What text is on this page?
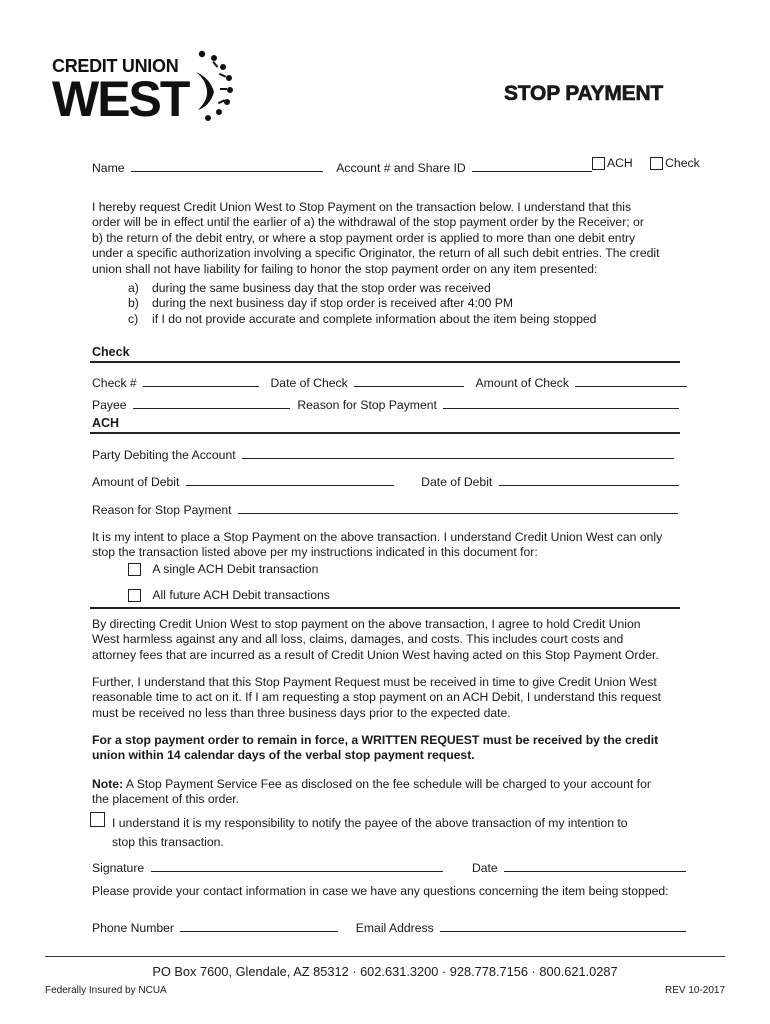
CREDIT UNION
WEST	STOP PAYMENT
Name	Account # and Share ID	ACH	Check
I hereby request Credit Union West to Stop Payment on the transaction below. I understand that this
order will be in effect until the earlier of a) the withdrawal of the stop payment order by the Receiver; or
b) the return of the debit entry, or where a stop payment order is applied to more than one debit entry
under a specific authorization involving a specific Originator, the return of all such debit entries. The credit
union shall not have liability for failing to honor the stop payment order on any item presented:
a) during the same business day that the stop order was received
b) during the next business day if stop order is received after 4:00 PM
c) if I do not provide accurate and complete information about the item being stopped
Check
Check #	Date of Check	Amount of Check
Payee	Reason for Stop Payment
ACH
Party Debiting the Account
Amount of Debit	Date of Debit
Reason for Stop Payment
It is my intent to place a Stop Payment on the above transaction. I understand Credit Union West can only
stop the transaction listed above per my instructions indicated in this document for:
A single ACH Debit transaction
All future ACH Debit transactions
By directing Credit Union West to stop payment on the above transaction, I agree to hold Credit Union
West harmless against any and all loss, claims, damages, and costs. This includes court costs and
attorney fees that are incurred as a result of Credit Union West having acted on this Stop Payment Order.
Further, I understand that this Stop Payment Request must be received in time to give Credit Union West
reasonable time to act on it. If I am requesting a stop payment on an ACH Debit, I understand this request
must be received no less than three business days prior to the expected date.
For a stop payment order to remain in force, a WRITTEN REQUEST must be received by the credit
union within 14 calendar days of the verbal stop payment request.
Note: A Stop Payment Service Fee as disclosed on the fee schedule will be charged to your account for
the placement of this order.
I understand it is my responsibility to notify the payee of the above transaction of my intention to
stop this transaction.
Signature	Date
Please provide your contact information in case we have any questions concerning the item being stopped:
Phone Number	Email Address
PO Box 7600, Glendale, AZ 85312 · 602.631.3200 · 928.778.7156 · 800.621.0287
Federally Insured by NCUA	REV 10-2017
